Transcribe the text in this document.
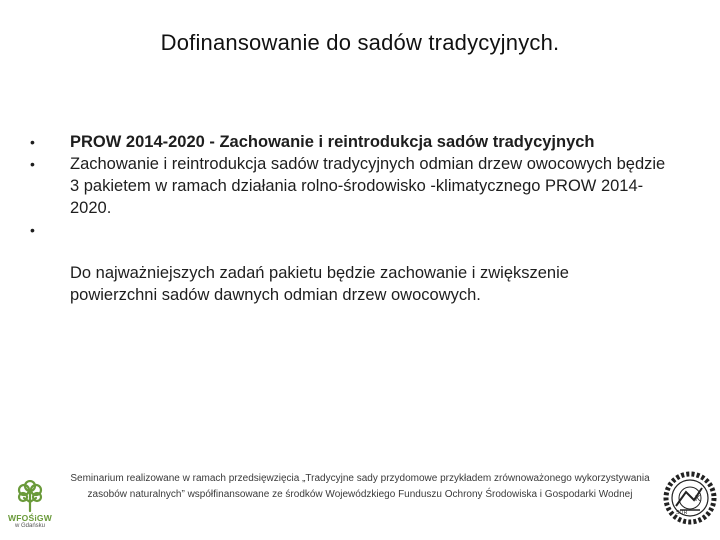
Dofinansowanie do sadów tradycyjnych.
• PROW 2014-2020 - Zachowanie i reintrodukcja sadów tradycyjnych
• Zachowanie i reintrodukcja sadów tradycyjnych odmian drzew owocowych będzie 3 pakietem w ramach działania rolno-środowisko -klimatycznego PROW 2014-2020.
•
Do najważniejszych zadań pakietu będzie zachowanie i zwiększenie powierzchni sadów dawnych odmian drzew owocowych.
WFOŚiGW
w Gdańsku
Seminarium realizowane w ramach przedsięwzięcia „Tradycyjne sady przydomowe przykładem zrównoważonego wykorzystywania zasobów naturalnych” współfinansowane ze środków Wojewódzkiego Funduszu Ochrony Środowiska i Gospodarki Wodnej	K
SITR
